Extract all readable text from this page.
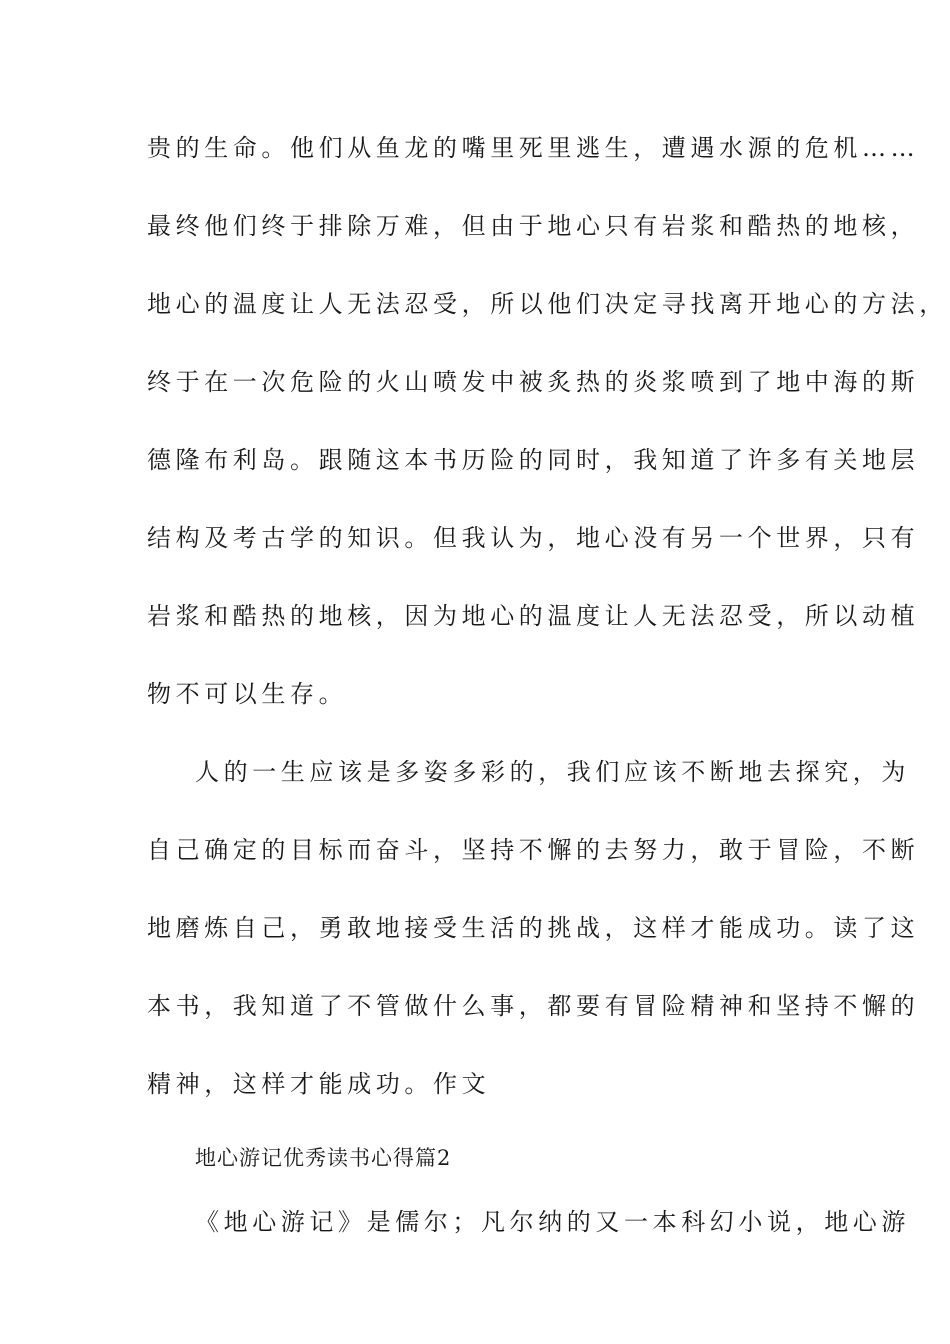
贵的生命。他们从鱼龙的嘴里死里逃生，遭遇水源的危机……
最终他们终于排除万难，但由于地心只有岩浆和酷热的地核，
地心的温度让人无法忍受，所以他们决定寻找离开地心的方法，
终于在一次危险的火山喷发中被炙热的炎浆喷到了地中海的斯
德隆布利岛。跟随这本书历险的同时，我知道了许多有关地层
结构及考古学的知识。但我认为，地心没有另一个世界，只有
岩浆和酷热的地核，因为地心的温度让人无法忍受，所以动植
物不可以生存。
人的一生应该是多姿多彩的，我们应该不断地去探究，为
自己确定的目标而奋斗，坚持不懈的去努力，敢于冒险，不断
地磨炼自己，勇敢地接受生活的挑战，这样才能成功。读了这
本书，我知道了不管做什么事，都要有冒险精神和坚持不懈的
精神，这样才能成功。作文
地心游记优秀读书心得篇2
《地心游记》是儒尔；凡尔纳的又一本科幻小说，地心游
